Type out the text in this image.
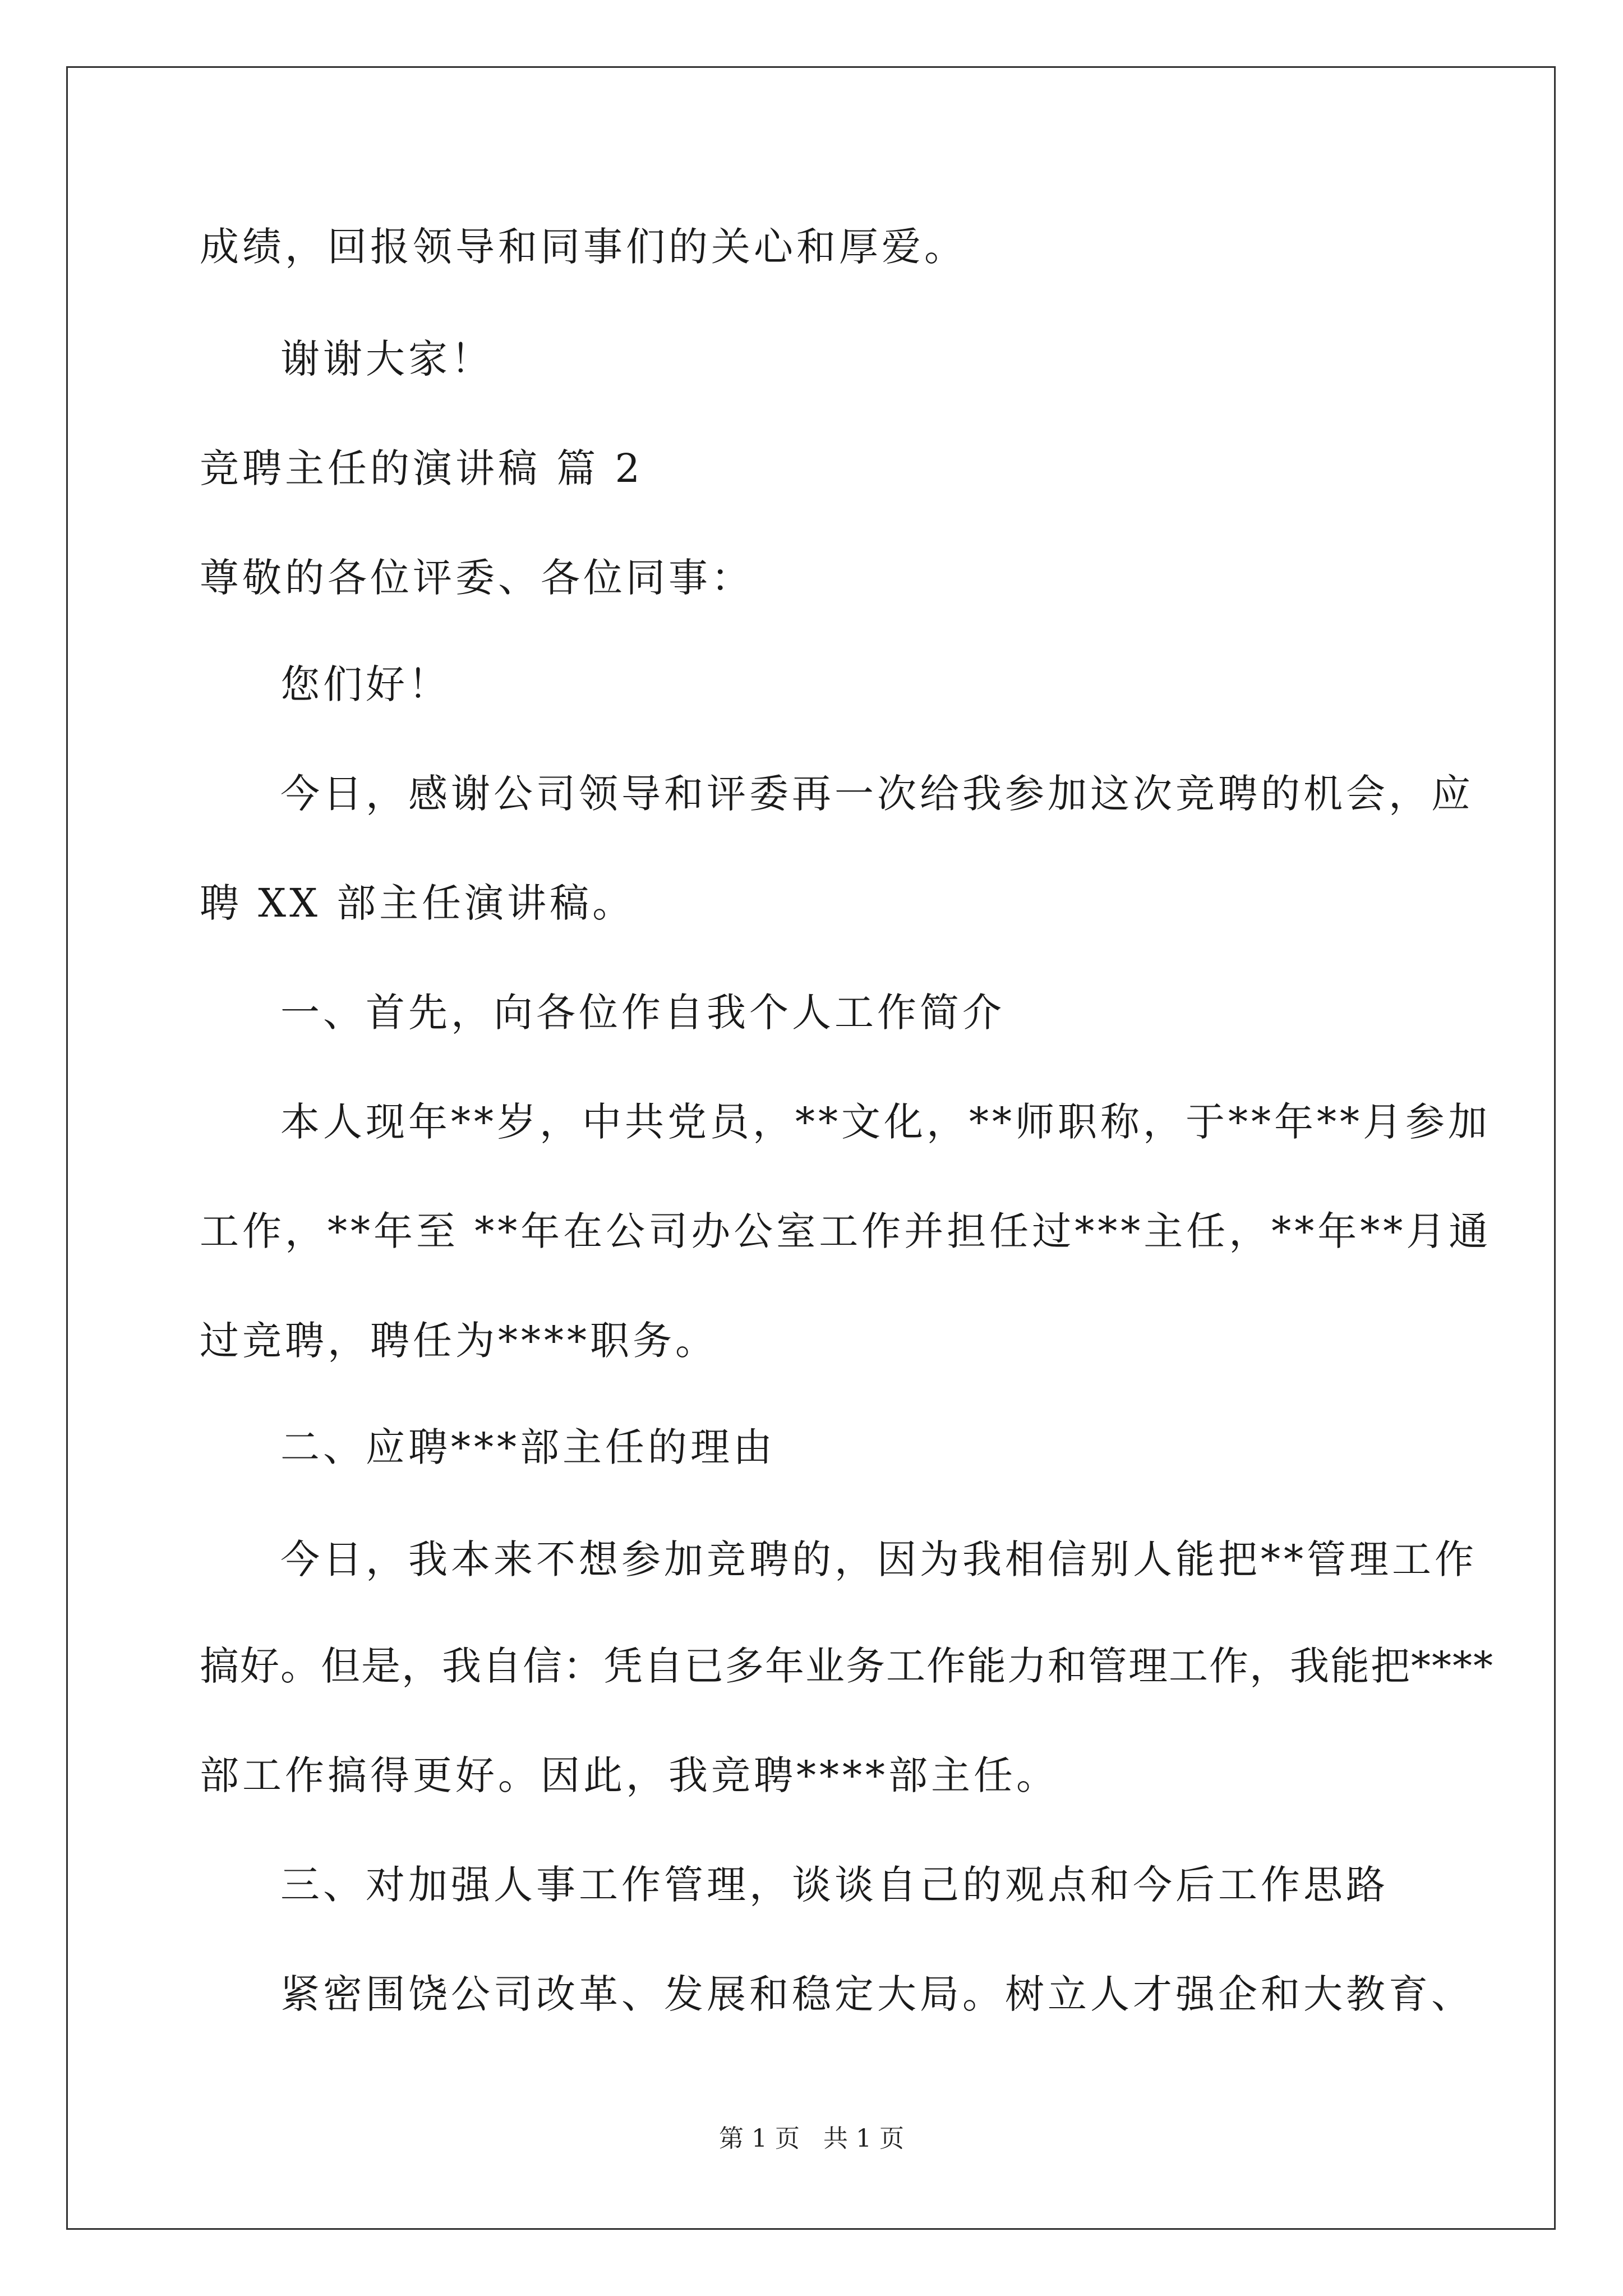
成绩，回报领导和同事们的关心和厚爱。
谢谢大家！
竞聘主任的演讲稿 篇 2
尊敬的各位评委、各位同事：
您们好！
今日，感谢公司领导和评委再一次给我参加这次竞聘的机会，应
聘 XX 部主任演讲稿。
一、首先，向各位作自我个人工作简介
本人现年**岁，中共党员，**文化，**师职称，于**年**月参加
工作，**年至 **年在公司办公室工作并担任过***主任，**年**月通
过竞聘，聘任为****职务。
二、应聘***部主任的理由
今日，我本来不想参加竞聘的，因为我相信别人能把**管理工作
搞好。但是，我自信：凭自已多年业务工作能力和管理工作，我能把****
部工作搞得更好。因此，我竞聘****部主任。
三、对加强人事工作管理，谈谈自己的观点和今后工作思路
紧密围饶公司改革、发展和稳定大局。树立人才强企和大教育、
第 1 页 共 1 页
